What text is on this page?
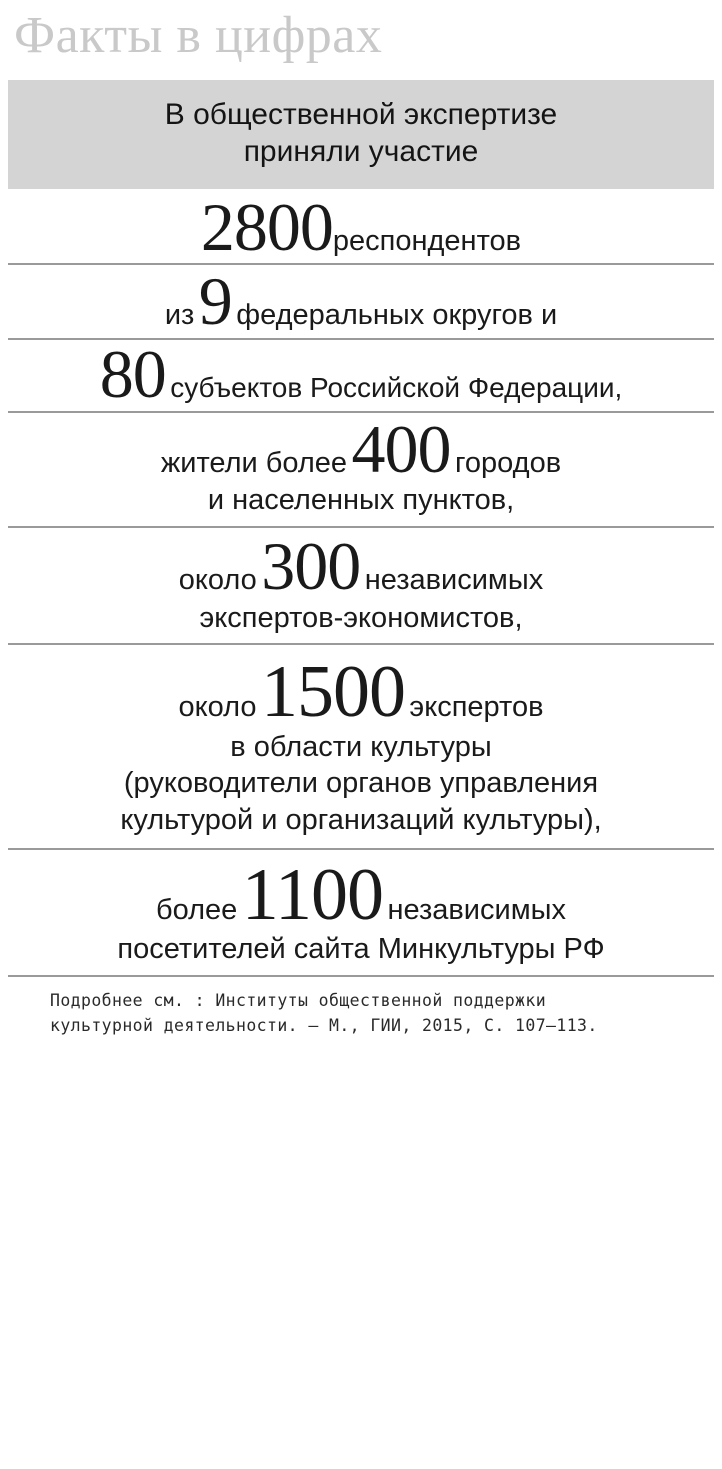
Факты в цифрах
В общественной экспертизе
приняли участие
2800респондентов
из 9 федеральных округов и
80 субъектов Российской Федерации,
жители более 400 городов
и населенных пунктов,
около 300 независимых
экспертов-экономистов,
около 1500 экспертов
в области культуры
(руководители органов управления
культурой и организаций культуры),
более 1100 независимых
посетителей сайта Минкультуры РФ
Подробнее см. : Институты общественной поддержки
культурной деятельности. – М., ГИИ, 2015, С. 107–113.
